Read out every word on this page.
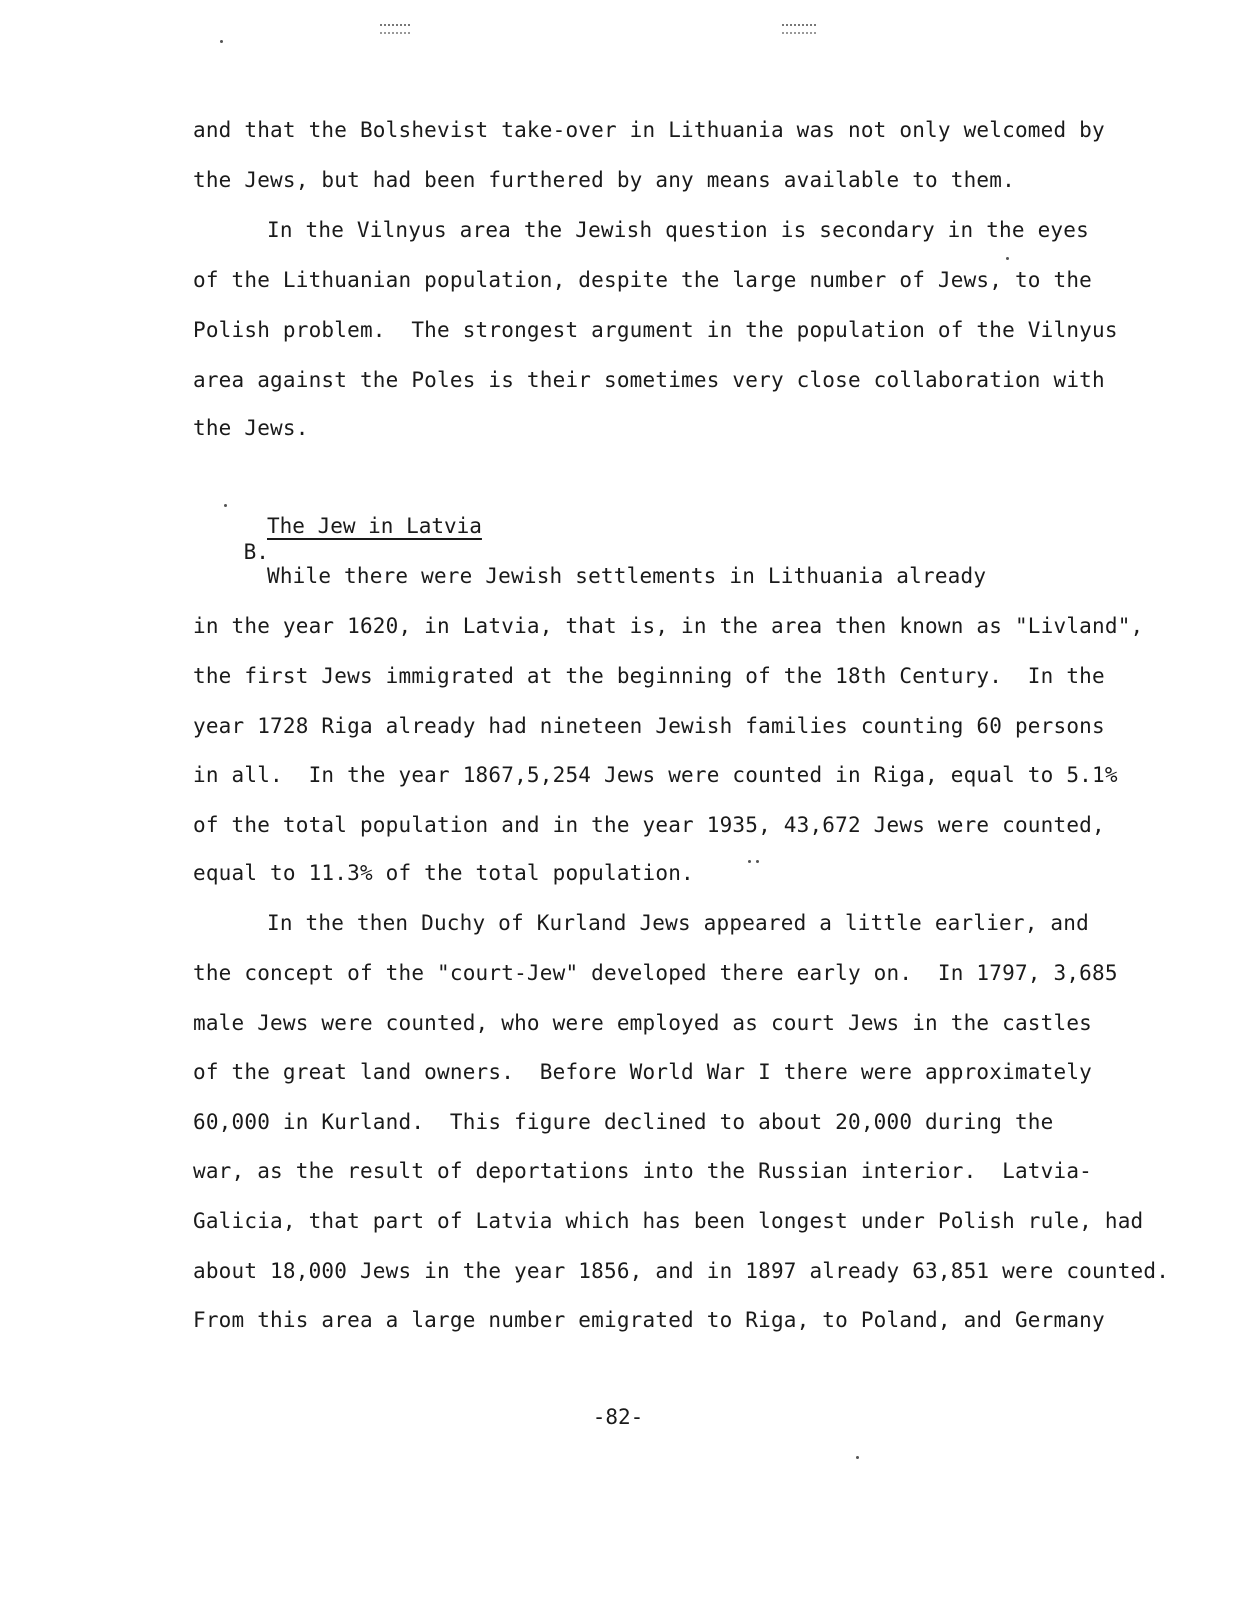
and that the Bolshevist take-over in Lithuania was not only welcomed by
the Jews, but had been furthered by any means available to them.
In the Vilnyus area the Jewish question is secondary in the eyes
of the Lithuanian population, despite the large number of Jews, to the
Polish problem.  The strongest argument in the population of the Vilnyus
area against the Poles is their sometimes very close collaboration with
the Jews.

B.

The Jew in Latvia
While there were Jewish settlements in Lithuania already
in the year 1620, in Latvia, that is, in the area then known as "Livland",
the first Jews immigrated at the beginning of the 18th Century.  In the
year 1728 Riga already had nineteen Jewish families counting 60 persons
in all.  In the year 1867,5,254 Jews were counted in Riga, equal to 5.1%
of the total population and in the year 1935, 43,672 Jews were counted,
equal to 11.3% of the total population.
In the then Duchy of Kurland Jews appeared a little earlier, and
the concept of the "court-Jew" developed there early on.  In 1797, 3,685
male Jews were counted, who were employed as court Jews in the castles
of the great land owners.  Before World War I there were approximately
60,000 in Kurland.  This figure declined to about 20,000 during the
war, as the result of deportations into the Russian interior.  Latvia-
Galicia, that part of Latvia which has been longest under Polish rule, had
about 18,000 Jews in the year 1856, and in 1897 already 63,851 were counted.
From this area a large number emigrated to Riga, to Poland, and Germany
-82-
